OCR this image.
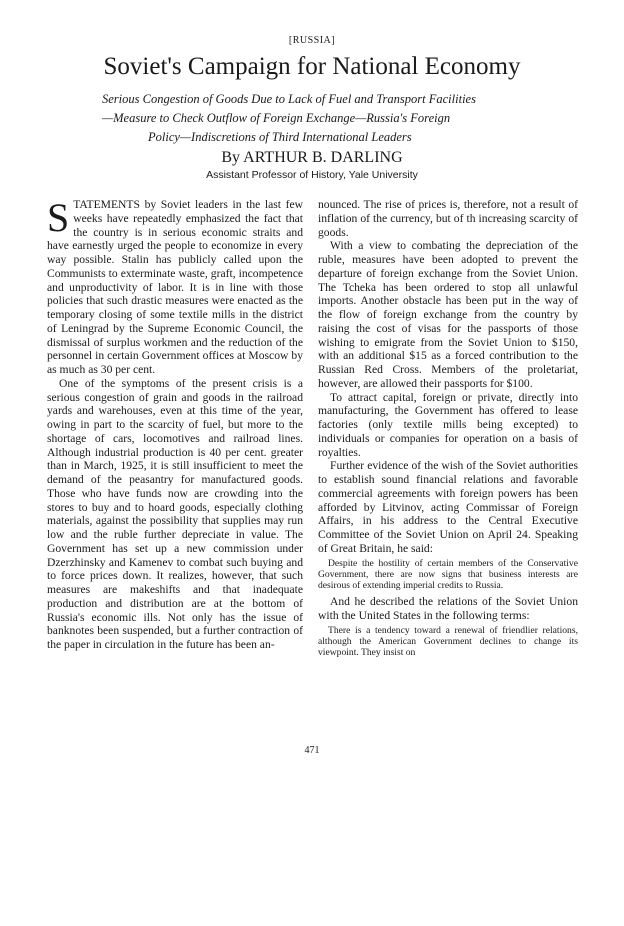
[RUSSIA]
Soviet's Campaign for National Economy
Serious Congestion of Goods Due to Lack of Fuel and Transport Facilities
—Measure to Check Outflow of Foreign Exchange—Russia's Foreign
Policy—Indiscretions of Third International Leaders
By ARTHUR B. DARLING
Assistant Professor of History, Yale University

STATEMENTS by Soviet leaders in the last few weeks have repeatedly emphasized the fact that the country is in serious economic straits and have earnestly urged the people to economize in every way possible. Stalin has publicly called upon the Communists to exterminate waste, graft, incompetence and unproductivity of labor. It is in line with those policies that such drastic measures were enacted as the temporary closing of some textile mills in the district of Leningrad by the Supreme Economic Council, the dismissal of surplus workmen and the reduction of the personnel in certain Government offices at Moscow by as much as 30 per cent.

One of the symptoms of the present crisis is a serious congestion of grain and goods in the railroad yards and warehouses, even at this time of the year, owing in part to the scarcity of fuel, but more to the shortage of cars, locomotives and railroad lines. Although industrial production is 40 per cent. greater than in March, 1925, it is still insufficient to meet the demand of the peasantry for manufactured goods. Those who have funds now are crowding into the stores to buy and to hoard goods, especially clothing materials, against the possibility that supplies may run low and the ruble further depreciate in value. The Government has set up a new commission under Dzerzhinsky and Kamenev to combat such buying and to force prices down. It realizes, however, that such measures are makeshifts and that inadequate production and distribution are at the bottom of Russia's economic ills. Not only has the issue of banknotes been suspended, but a further contraction of the paper in circulation in the future has been an-

nounced. The rise of prices is, therefore, not a result of inflation of the currency, but of th increasing scarcity of goods.

With a view to combating the depreciation of the ruble, measures have been adopted to prevent the departure of foreign exchange from the Soviet Union. The Tcheka has been ordered to stop all unlawful imports. Another obstacle has been put in the way of the flow of foreign exchange from the country by raising the cost of visas for the passports of those wishing to emigrate from the Soviet Union to $150, with an additional $15 as a forced contribution to the Russian Red Cross. Members of the proletariat, however, are allowed their passports for $100.

To attract capital, foreign or private, directly into manufacturing, the Government has offered to lease factories (only textile mills being excepted) to individuals or companies for operation on a basis of royalties.

Further evidence of the wish of the Soviet authorities to establish sound financial relations and favorable commercial agreements with foreign powers has been afforded by Litvinov, acting Commissar of Foreign Affairs, in his address to the Central Executive Committee of the Soviet Union on April 24. Speaking of Great Britain, he said:

Despite the hostility of certain members of the Conservative Government, there are now signs that business interests are desirous of extending imperial credits to Russia.

And he described the relations of the Soviet Union with the United States in the following terms:

There is a tendency toward a renewal of friendlier relations, although the American Government declines to change its viewpoint. They insist on

471
